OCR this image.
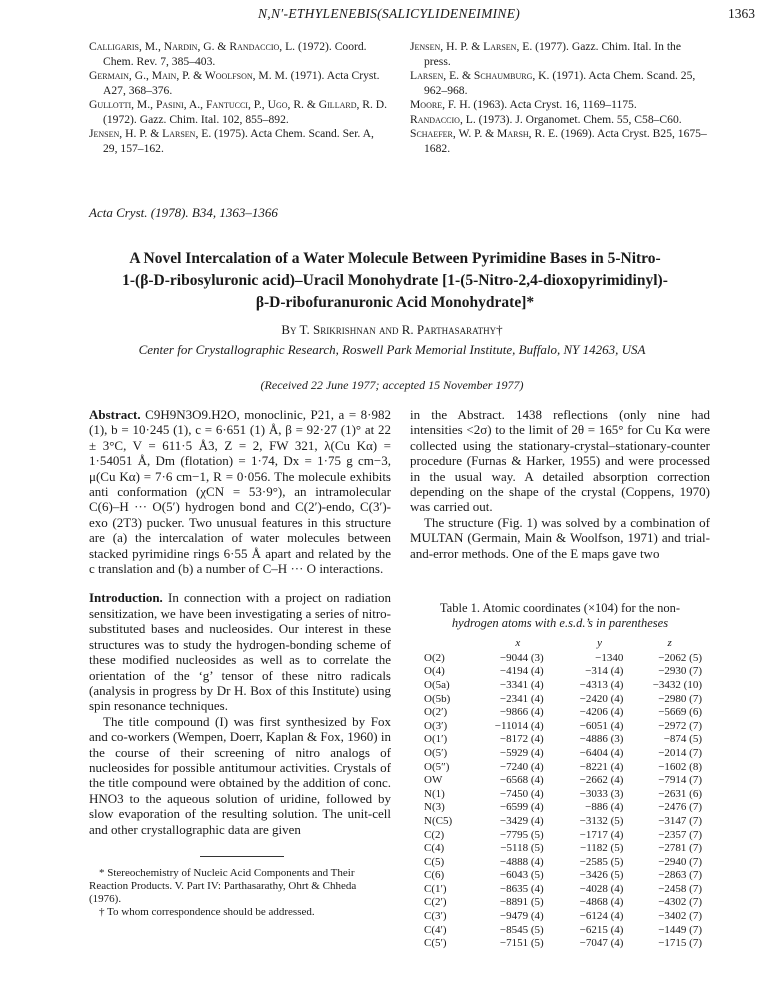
N,N′-ETHYLENEBIS(SALICYLIDENEIMINE)	1363

Calligaris, M., Nardin, G. & Randaccio, L. (1972). Coord. Chem. Rev. 7, 385–403.

Germain, G., Main, P. & Woolfson, M. M. (1971). Acta Cryst. A27, 368–376.

Gullotti, M., Pasini, A., Fantucci, P., Ugo, R. & Gillard, R. D. (1972). Gazz. Chim. Ital. 102, 855–892.

Jensen, H. P. & Larsen, E. (1975). Acta Chem. Scand. Ser. A, 29, 157–162.

Jensen, H. P. & Larsen, E. (1977). Gazz. Chim. Ital. In the press.

Larsen, E. & Schaumburg, K. (1971). Acta Chem. Scand. 25, 962–968.

Moore, F. H. (1963). Acta Cryst. 16, 1169–1175.

Randaccio, L. (1973). J. Organomet. Chem. 55, C58–C60.

Schaefer, W. P. & Marsh, R. E. (1969). Acta Cryst. B25, 1675–1682.

Acta Cryst. (1978). B34, 1363–1366
A Novel Intercalation of a Water Molecule Between Pyrimidine Bases in 5-Nitro-
1-(β-D-ribosyluronic acid)–Uracil Monohydrate [1-(5-Nitro-2,4-dioxopyrimidinyl)-
β-D-ribofuranuronic Acid Monohydrate]*
By T. Srikrishnan and R. Parthasarathy†
Center for Crystallographic Research, Roswell Park Memorial Institute, Buffalo, NY 14263, USA
(Received 22 June 1977; accepted 15 November 1977)

Abstract. C9H9N3O9.H2O, monoclinic, P21, a = 8·982 (1), b = 10·245 (1), c = 6·651 (1) Å, β = 92·27 (1)° at 22 ± 3°C, V = 611·5 Å3, Z = 2, FW 321, λ(Cu Kα) = 1·54051 Å, Dm (flotation) = 1·74, Dx = 1·75 g cm−3, μ(Cu Kα) = 7·6 cm−1, R = 0·056. The molecule exhibits anti conformation (χCN = 53·9°), an intramolecular C(6)–H ··· O(5′) hydrogen bond and C(2′)-endo, C(3′)-exo (2T3) pucker. Two unusual features in this structure are (a) the intercalation of water molecules between stacked pyrimidine rings 6·55 Å apart and related by the c translation and (b) a number of C–H ··· O interactions.

Introduction. In connection with a project on radiation sensitization, we have been investigating a series of nitro-substituted bases and nucleosides. Our interest in these structures was to study the hydrogen-bonding scheme of these modified nucleosides as well as to correlate the orientation of the ‘g’ tensor of these nitro radicals (analysis in progress by Dr H. Box of this Institute) using spin resonance techniques.

The title compound (I) was first synthesized by Fox and co-workers (Wempen, Doerr, Kaplan & Fox, 1960) in the course of their screening of nitro analogs of nucleosides for possible antitumour activities. Crystals of the title compound were obtained by the addition of conc. HNO3 to the aqueous solution of uridine, followed by slow evaporation of the resulting solution. The unit-cell and other crystallographic data are given

* Stereochemistry of Nucleic Acid Components and Their Reaction Products. V. Part IV: Parthasarathy, Ohrt & Chheda (1976).

† To whom correspondence should be addressed.

in the Abstract. 1438 reflections (only nine had intensities <2σ) to the limit of 2θ = 165° for Cu Kα were collected using the stationary-crystal–stationary-counter procedure (Furnas & Harker, 1955) and were processed in the usual way. A detailed absorption correction depending on the shape of the crystal (Coppens, 1970) was carried out.

The structure (Fig. 1) was solved by a combination of MULTAN (Germain, Main & Woolfson, 1971) and trial-and-error methods. One of the E maps gave two

Table 1. Atomic coordinates (×104) for the non-
hydrogen atoms with e.s.d.’s in parentheses
	x	y	z
O(2)	−9044 (3)	−1340	−2062 (5)
O(4)	−4194 (4)	−314 (4)	−2930 (7)
O(5a)	−3341 (4)	−4313 (4)	−3432 (10)
O(5b)	−2341 (4)	−2420 (4)	−2980 (7)
O(2′)	−9866 (4)	−4206 (4)	−5669 (6)
O(3′)	−11014 (4)	−6051 (4)	−2972 (7)
O(1′)	−8172 (4)	−4886 (3)	−874 (5)
O(5′)	−5929 (4)	−6404 (4)	−2014 (7)
O(5″)	−7240 (4)	−8221 (4)	−1602 (8)
OW	−6568 (4)	−2662 (4)	−7914 (7)
N(1)	−7450 (4)	−3033 (3)	−2631 (6)
N(3)	−6599 (4)	−886 (4)	−2476 (7)
N(C5)	−3429 (4)	−3132 (5)	−3147 (7)
C(2)	−7795 (5)	−1717 (4)	−2357 (7)
C(4)	−5118 (5)	−1182 (5)	−2781 (7)
C(5)	−4888 (4)	−2585 (5)	−2940 (7)
C(6)	−6043 (5)	−3426 (5)	−2863 (7)
C(1′)	−8635 (4)	−4028 (4)	−2458 (7)
C(2′)	−8891 (5)	−4868 (4)	−4302 (7)
C(3′)	−9479 (4)	−6124 (4)	−3402 (7)
C(4′)	−8545 (5)	−6215 (4)	−1449 (7)
C(5′)	−7151 (5)	−7047 (4)	−1715 (7)
